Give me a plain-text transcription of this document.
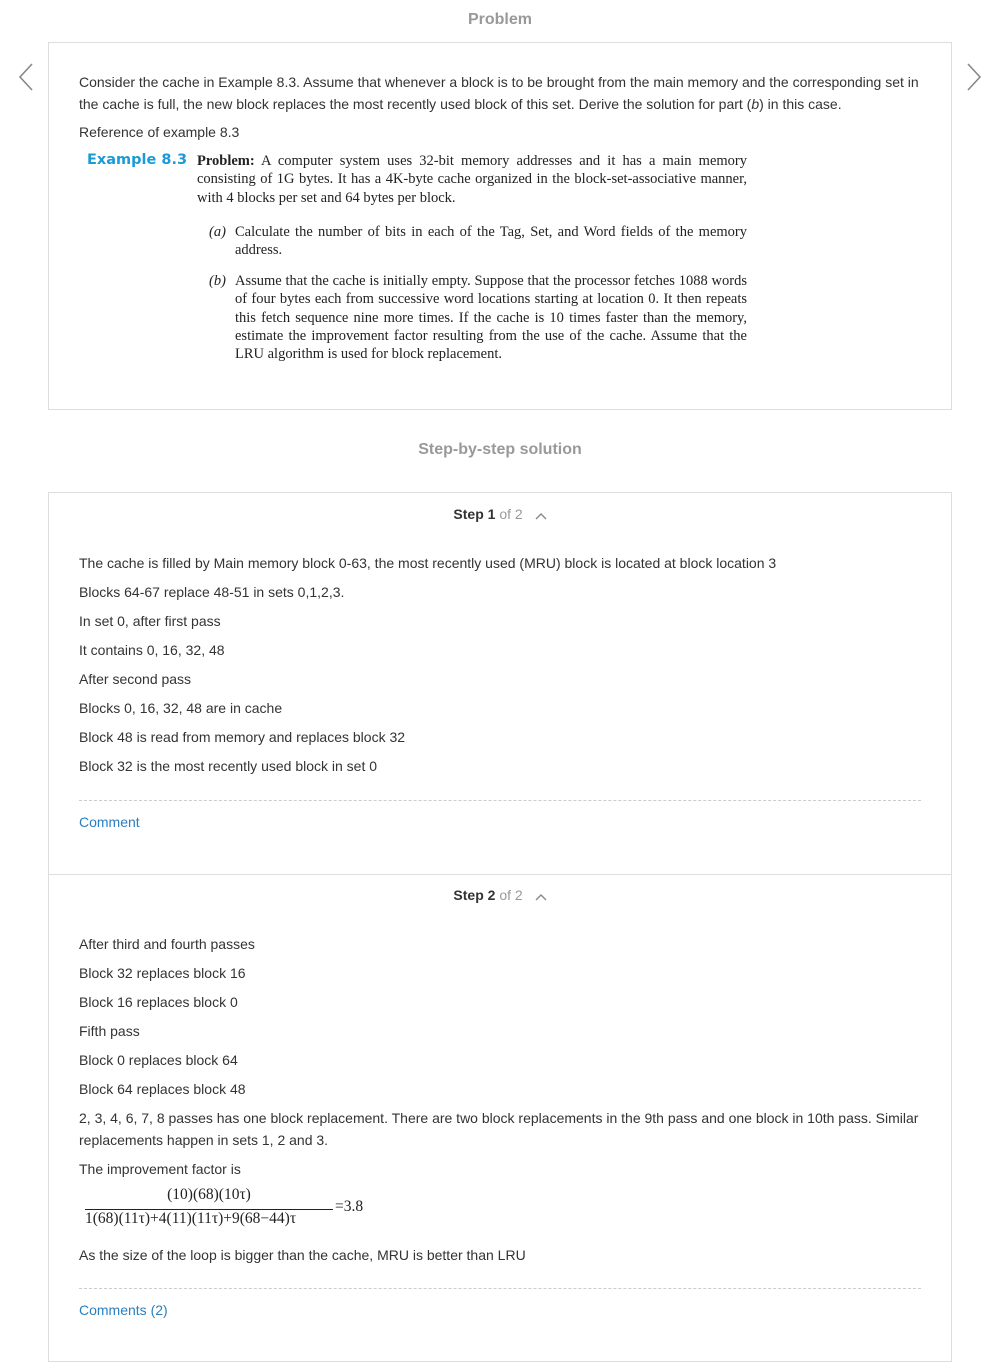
Problem
Consider the cache in Example 8.3. Assume that whenever a block is to be brought from the main memory and the corresponding set in
the cache is full, the new block replaces the most recently used block of this set. Derive the solution for part (b) in this case.
Reference of example 8.3
Example 8.3 Problem: A computer system uses 32-bit memory addresses and it has a main memory consisting of 1G bytes. It has a 4K-byte cache organized in the block-set-associative manner, with 4 blocks per set and 64 bytes per block.
(a) Calculate the number of bits in each of the Tag, Set, and Word fields of the memory address.
(b) Assume that the cache is initially empty. Suppose that the processor fetches 1088 words of four bytes each from successive word locations starting at location 0. It then repeats this fetch sequence nine more times. If the cache is 10 times faster than the memory, estimate the improvement factor resulting from the use of the cache. Assume that the LRU algorithm is used for block replacement.
Step-by-step solution
Step 1 of 2
The cache is filled by Main memory block 0-63, the most recently used (MRU) block is located at block location 3
Blocks 64-67 replace 48-51 in sets 0,1,2,3.
In set 0, after first pass
It contains 0, 16, 32, 48
After second pass
Blocks 0, 16, 32, 48 are in cache
Block 48 is read from memory and replaces block 32
Block 32 is the most recently used block in set 0
Comment
Step 2 of 2
After third and fourth passes
Block 32 replaces block 16
Block 16 replaces block 0
Fifth pass
Block 0 replaces block 64
Block 64 replaces block 48
2, 3, 4, 6, 7, 8 passes has one block replacement. There are two block replacements in the 9th pass and one block in 10th pass. Similar replacements happen in sets 1, 2 and 3.
The improvement factor is
(10)(68)(10τ)
1(68)(11τ)+4(11)(11τ)+9(68−44)τ
=3.8
As the size of the loop is bigger than the cache, MRU is better than LRU
Comments (2)
